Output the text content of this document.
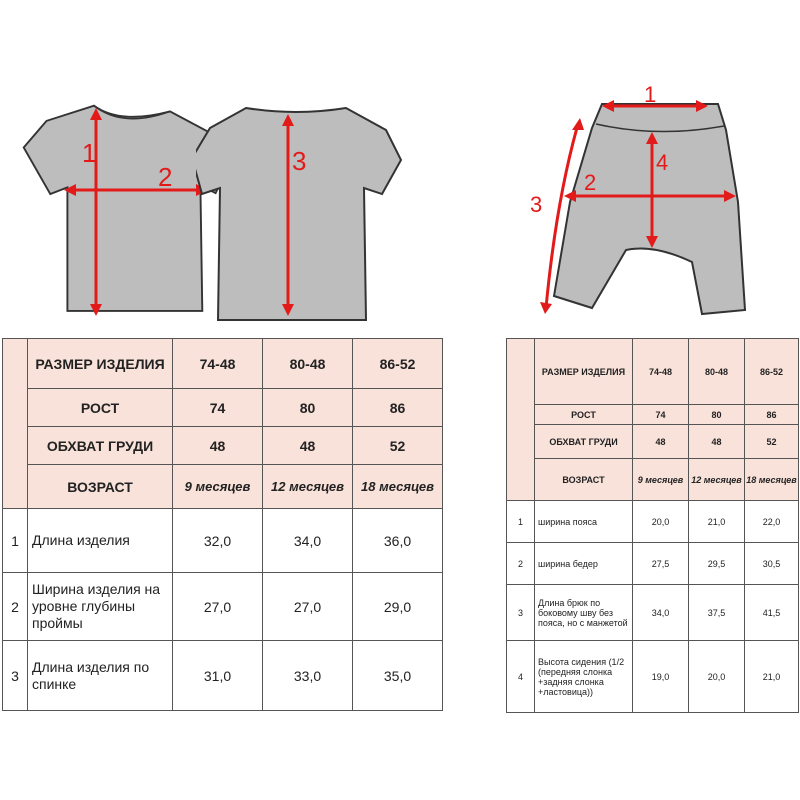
1
2
3
1
2
3
4
	РАЗМЕР ИЗДЕЛИЯ	74-48	80-48	86-52
	РОСТ	74	80	86
	ОБХВАТ ГРУДИ	48	48	52
	ВОЗРАСТ	9 месяцев	12 месяцев	18 месяцев
1	Длина изделия	32,0	34,0	36,0
2	Ширина изделия на уровне глубины проймы	27,0	27,0	29,0
3	Длина изделия по спинке	31,0	33,0	35,0
	РАЗМЕР ИЗДЕЛИЯ	74-48	80-48	86-52
	РОСТ	74	80	86
	ОБХВАТ ГРУДИ	48	48	52
	ВОЗРАСТ	9 месяцев	12 месяцев	18 месяцев
1	ширина пояса	20,0	21,0	22,0
2	ширина бедер	27,5	29,5	30,5
3	Длина брюк по боковому шву без пояса, но с манжетой	34,0	37,5	41,5
4	Высота сидения (1/2 (передняя слонка +задняя слонка +ластовица))	19,0	20,0	21,0
